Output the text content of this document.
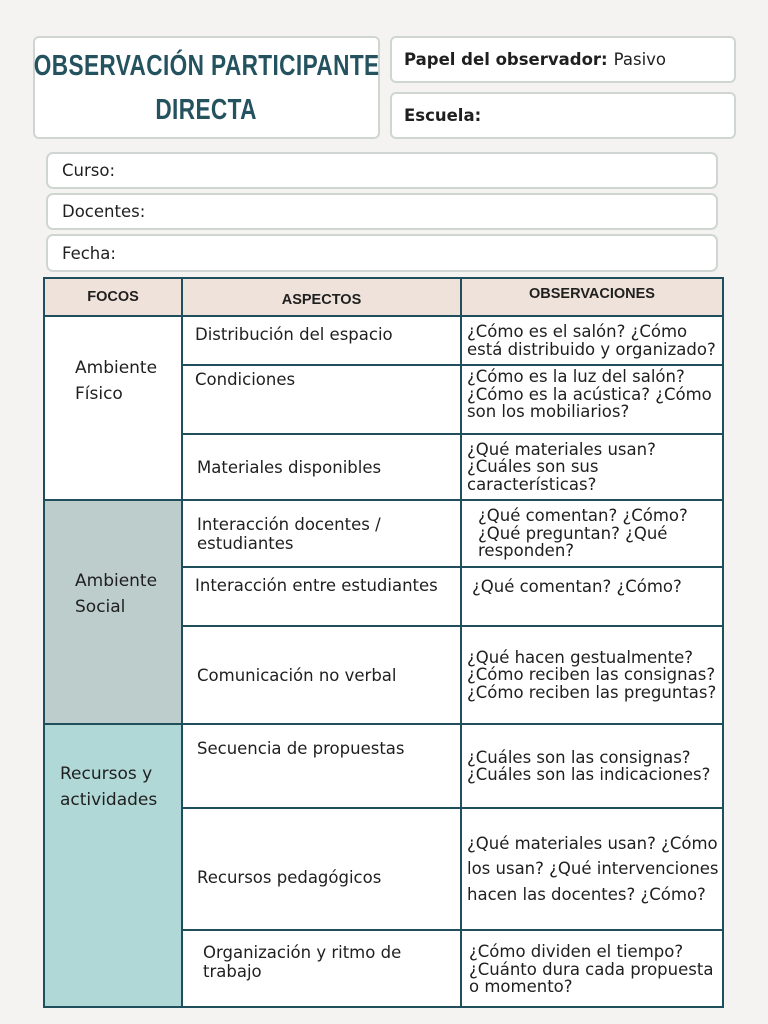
OBSERVACIÓN PARTICIPANTE
DIRECTA
Papel del observador: Pasivo
Escuela:
Curso:
Docentes:
Fecha:
FOCOS	ASPECTOS	OBSERVACIONES
Ambiente Físico	Distribución del espacio	¿Cómo es el salón? ¿Cómo está distribuido y organizado?
	Condiciones	¿Cómo es la luz del salón? ¿Cómo es la acústica? ¿Cómo son los mobiliarios?
	Materiales disponibles	¿Qué materiales usan? ¿Cuáles son sus características?
Ambiente Social	Interacción docentes / estudiantes	¿Qué comentan? ¿Cómo? ¿Qué preguntan? ¿Qué responden?
	Interacción entre estudiantes	¿Qué comentan? ¿Cómo?
	Comunicación no verbal	¿Qué hacen gestualmente? ¿Cómo reciben las consignas? ¿Cómo reciben las preguntas?
Recursos y actividades	Secuencia de propuestas	¿Cuáles son las consignas? ¿Cuáles son las indicaciones?
	Recursos pedagógicos	¿Qué materiales usan? ¿Cómo los usan? ¿Qué intervenciones hacen las docentes? ¿Cómo?
	Organización y ritmo de trabajo	¿Cómo dividen el tiempo? ¿Cuánto dura cada propuesta o momento?
